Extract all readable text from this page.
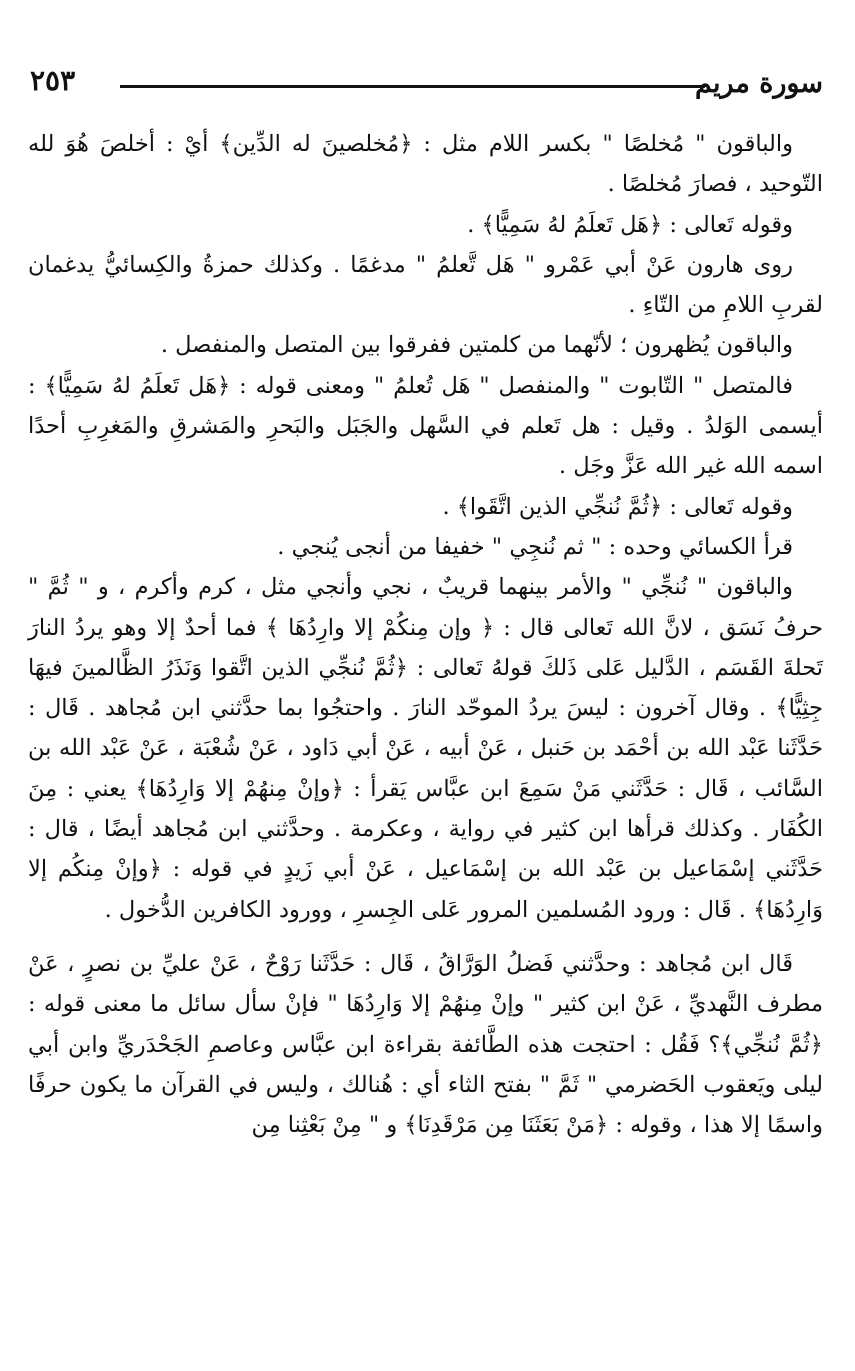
سورة مريم
٢٥٣

والباقون " مُخلصًا " بكسر اللام مثل : ﴿مُخلصينَ له الدِّين﴾ أيْ : أخلصَ هُوَ لله التّوحيد ، فصارَ مُخلصًا .

وقوله تَعالى : ﴿هَل تَعلَمُ لهُ سَمِيًّا﴾ .

روى هارون عَنْ أبي عَمْرو " هَل تَّعلمُ " مدغمًا . وكذلك حمزةُ والكِسائيُّ يدغمان لقربِ اللامِ من التّاءِ .

والباقون يُظهرون ؛ لأنّهما من كلمتين ففرقوا بين المتصل والمنفصل .

فالمتصل " التّابوت " والمنفصل " هَل تُعلمُ " ومعنى قوله : ﴿هَل تَعلَمُ لهُ سَمِيًّا﴾ : أيسمى الوَلدُ . وقيل : هل تَعلم في السَّهل والجَبَل والبَحرِ والمَشرقِ والمَغرِبِ أحدًا اسمه الله غير الله عَزَّ وجَل .

وقوله تَعالى : ﴿ثُمَّ نُنجِّي الذين اتَّقَوا﴾ .

قرأ الكسائي وحده : " ثم نُنجِي " خفيفا من أنجى يُنجي .

والباقون " نُنجِّي " والأمر بينهما قريبٌ ، نجي وأنجي مثل ، كرم وأكرم ، و " ثُمَّ " حرفُ نَسَق ، لانَّ الله تَعالى قال : ﴿ وإن مِنكُمْ إلا وارِدُهَا ﴾ فما أحدٌ إلا وهو يردُ النارَ تَحلةَ القَسَم ، الدَّليل عَلى ذَلكَ قولهُ تَعالى : ﴿ثُمَّ نُنجِّي الذين اتَّقوا وَنَذَرُ الظَّالمينَ فيهَا جِثِيًّا﴾ . وقال آخرون : ليسَ يردُ الموحّد النارَ . واحتجُوا بما حدَّثني ابن مُجاهد . قَال : حَدَّثَنا عَبْد الله بن أحْمَد بن حَنبل ، عَنْ أبيه ، عَنْ أبي دَاود ، عَنْ شُعْبَة ، عَنْ عَبْد الله بن السَّائب ، قَال : حَدَّثَني مَنْ سَمِعَ ابن عبَّاس يَقرأ : ﴿وإنْ مِنهُمْ إلا وَارِدُهَا﴾ يعني : مِنَ الكُفَار . وكذلك قرأها ابن كثير في رواية ، وعكرمة . وحدَّثني ابن مُجاهد أيضًا ، قال : حَدَّثَني إسْمَاعيل بن عَبْد الله بن إسْمَاعيل ، عَنْ أبي زَيدٍ في قوله : ﴿وإنْ مِنكُم إلا وَارِدُهَا﴾ . قَال : ورود المُسلمين المرور عَلى الجِسرِ ، وورود الكافرين الدُّخول .

قَال ابن مُجاهد : وحدَّثني فَضلُ الوَرَّاقُ ، قَال : حَدَّثَنا رَوْحٌ ، عَنْ عليِّ بن نصرٍ ، عَنْ مطرف النَّهديِّ ، عَنْ ابن كثير " وإنْ مِنهُمْ إلا وَارِدُهَا " فإنْ سأل سائل ما معنى قوله : ﴿ثُمَّ نُنجِّي﴾؟ فَقُل : احتجت هذه الطَّائفة بقراءة ابن عبَّاس وعاصمِ الجَحْدَريِّ وابن أبي ليلى ويَعقوب الحَضرمي " ثَمَّ " بفتح الثاء أي : هُنالك ، وليس في القرآن ما يكون حرفًا واسمًا إلا هذا ، وقوله : ﴿مَنْ بَعَثَنَا مِن مَرْقَدِنَا﴾ و " مِنْ بَعْثِنا مِن
